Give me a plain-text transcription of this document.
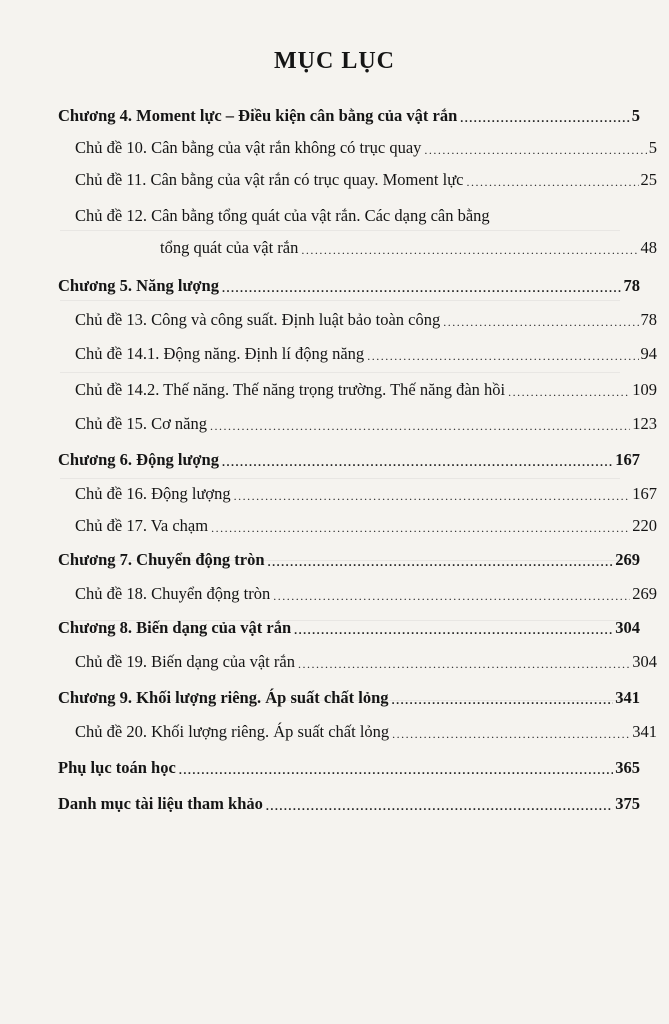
MỤC LỤC
Chương 4. Moment lực – Điều kiện cân bằng của vật rắn .....	5
Chủ đề 10. Cân bằng của vật rắn không có trục quay .....	5
Chủ đề 11. Cân bằng của vật rắn có trục quay. Moment lực .....	25
Chủ đề 12. Cân bằng tổng quát của vật rắn. Các dạng cân bằng
tổng quát của vật rắn .....	48
Chương 5. Năng lượng .....	78
Chủ đề 13. Công và công suất. Định luật bảo toàn công .....	78
Chủ đề 14.1. Động năng. Định lí động năng .....	94
Chủ đề 14.2. Thế năng. Thế năng trọng trường. Thế năng đàn hồi .....	109
Chủ đề 15. Cơ năng .....	123
Chương 6. Động lượng .....	167
Chủ đề 16. Động lượng .....	167
Chủ đề 17. Va chạm .....	220
Chương 7. Chuyển động tròn .....	269
Chủ đề 18. Chuyển động tròn .....	269
Chương 8. Biến dạng của vật rắn .....	304
Chủ đề 19. Biến dạng của vật rắn .....	304
Chương 9. Khối lượng riêng. Áp suất chất lỏng .....	341
Chủ đề 20. Khối lượng riêng. Áp suất chất lỏng .....	341
Phụ lục toán học .....	365
Danh mục tài liệu tham khảo .....	375
